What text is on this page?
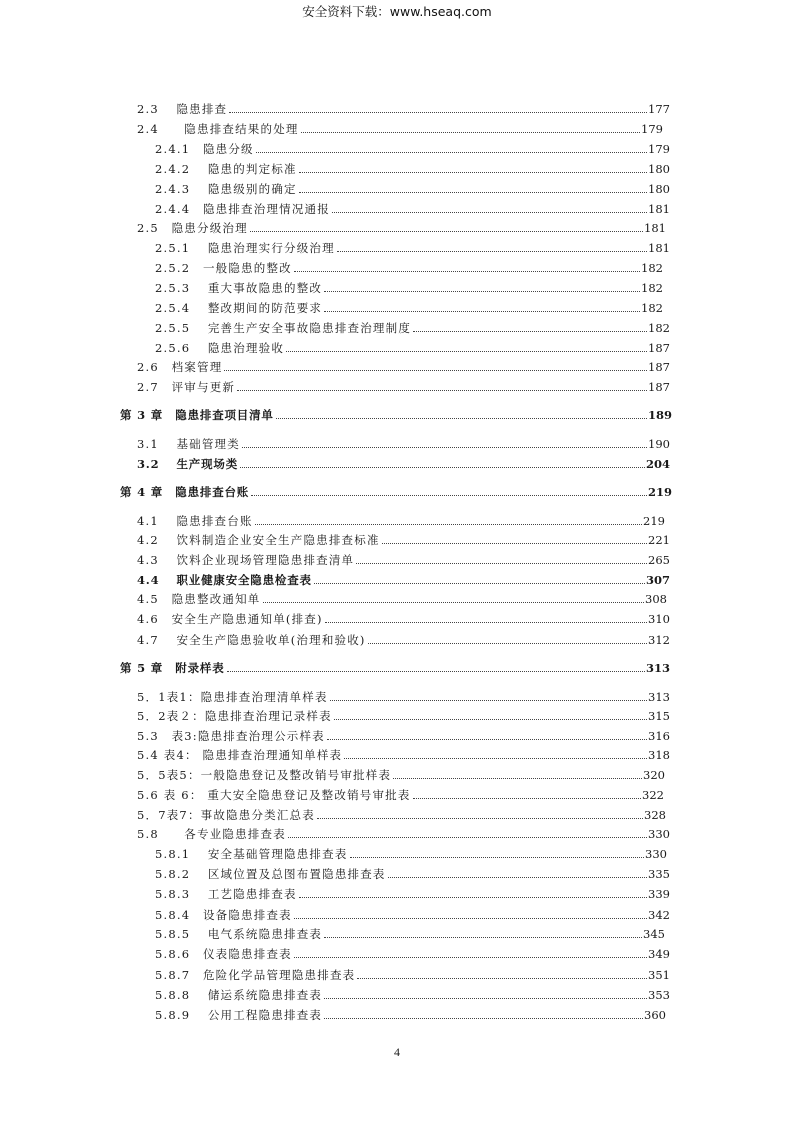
安全资料下载：www.hseaq.com
2.3　 隐患排查	177
2.4　　隐患排查结果的处理	179
2.4.1　隐患分级	179
2.4.2　 隐患的判定标准	180
2.4.3　 隐患级别的确定	180
2.4.4　隐患排查治理情况通报	181
2.5　隐患分级治理	181
2.5.1　 隐患治理实行分级治理	181
2.5.2　一般隐患的整改	182
2.5.3　 重大事故隐患的整改	182
2.5.4　 整改期间的防范要求	182
2.5.5　 完善生产安全事故隐患排查治理制度	182
2.5.6　 隐患治理验收	187
2.6　档案管理	187
2.7　评审与更新	187
第 3 章　隐患排查项目清单	189
3.1　 基础管理类	190
3.2　 生产现场类	204
第 4 章　隐患排查台账	219
4.1　 隐患排查台账	219
4.2　 饮料制造企业安全生产隐患排查标准	221
4.3　 饮料企业现场管理隐患排查清单	265
4.4　 职业健康安全隐患检查表	307
4.5　隐患整改通知单	308
4.6　安全生产隐患通知单(排查)	310
4.7　 安全生产隐患验收单(治理和验收)	312
第 5 章　附录样表	313
5．1表1：隐患排查治理清单样表	313
5．2表２：隐患排查治理记录样表	315
5.3　表3:隐患排查治理公示样表	316
5.4 表4： 隐患排查治理通知单样表	318
5．5表5：一般隐患登记及整改销号审批样表	320
5.6 表 6： 重大安全隐患登记及整改销号审批表	322
5．7表7：事故隐患分类汇总表	328
5.8　　各专业隐患排查表	330
5.8.1　 安全基础管理隐患排查表	330
5.8.2　 区域位置及总图布置隐患排查表	335
5.8.3　 工艺隐患排查表	339
5.8.4　设备隐患排查表	342
5.8.5　 电气系统隐患排查表	345
5.8.6　仪表隐患排查表	349
5.8.7　危险化学品管理隐患排查表	351
5.8.8　 储运系统隐患排查表	353
5.8.9　 公用工程隐患排查表	360
4
